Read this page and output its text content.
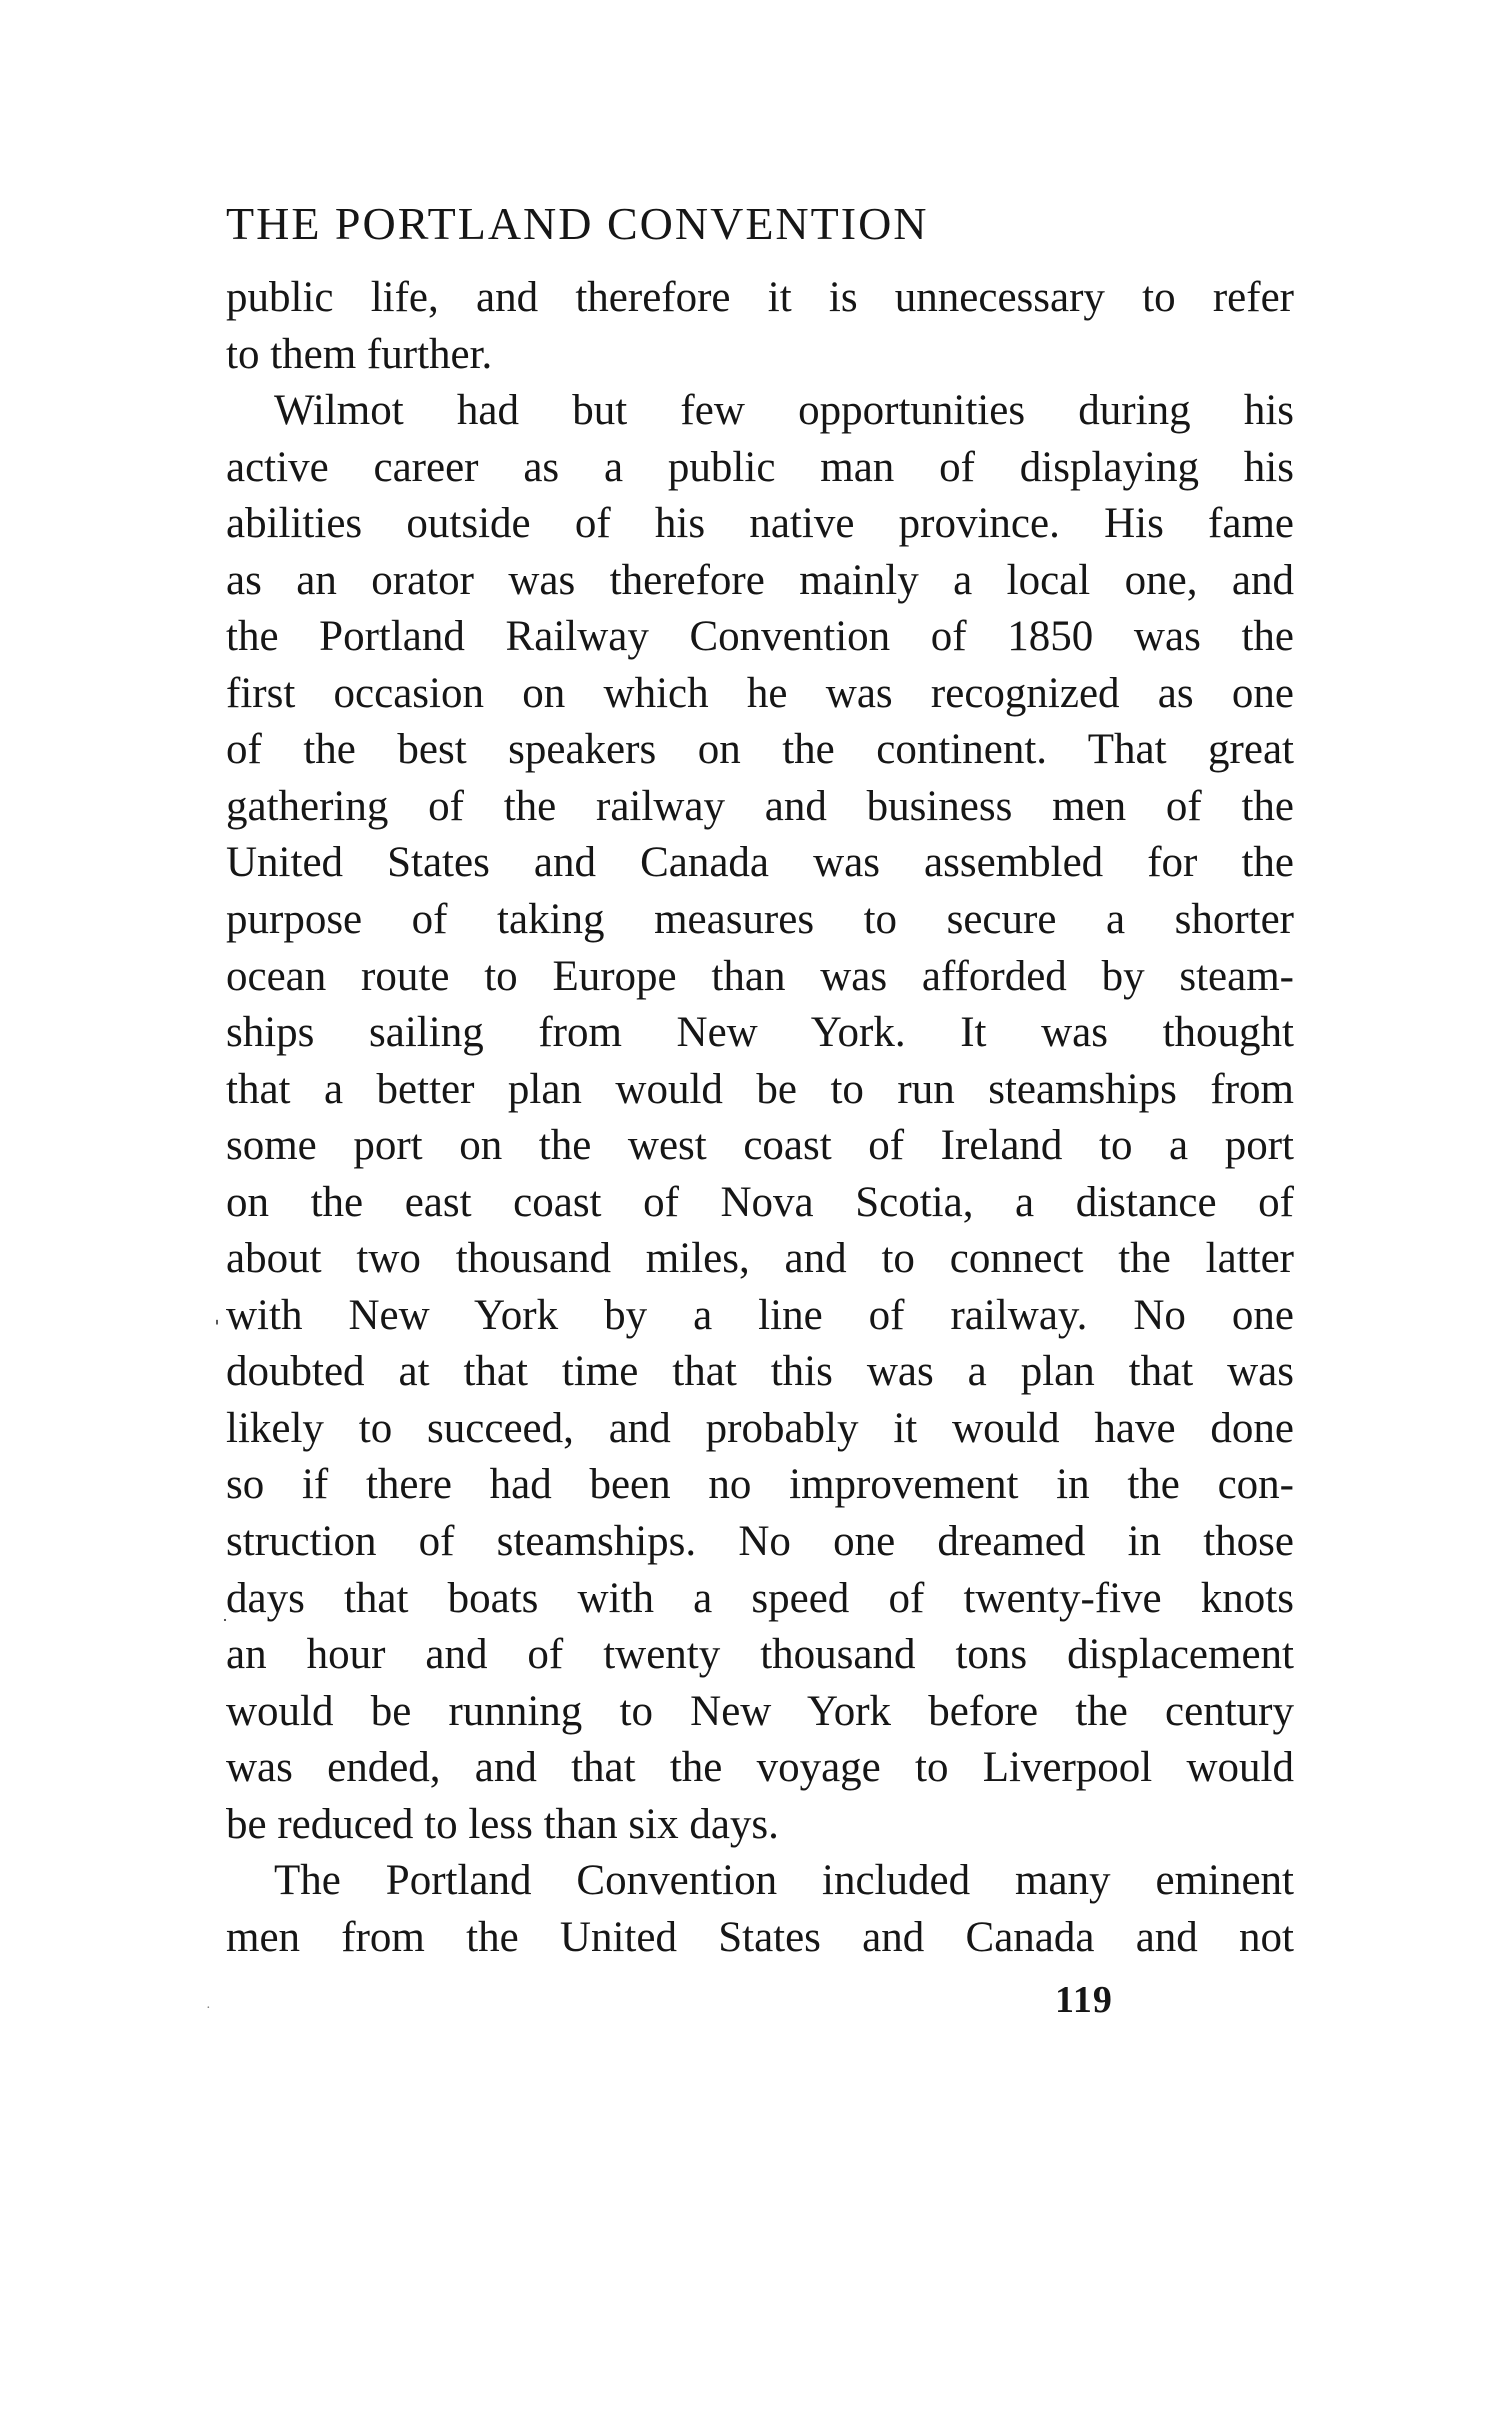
THE PORTLAND CONVENTION
public life, and therefore it is unnecessary to refer
to them further.
Wilmot had but few opportunities during his
active career as a public man of displaying his
abilities outside of his native province. His fame
as an orator was therefore mainly a local one, and
the Portland Railway Convention of 1850 was the
first occasion on which he was recognized as one
of the best speakers on the continent. That great
gathering of the railway and business men of the
United States and Canada was assembled for the
purpose of taking measures to secure a shorter
ocean route to Europe than was afforded by steam-
ships sailing from New York. It was thought
that a better plan would be to run steamships from
some port on the west coast of Ireland to a port
on the east coast of Nova Scotia, a distance of
about two thousand miles, and to connect the latter
with New York by a line of railway. No one
doubted at that time that this was a plan that was
likely to succeed, and probably it would have done
so if there had been no improvement in the con-
struction of steamships. No one dreamed in those
days that boats with a speed of twenty-five knots
an hour and of twenty thousand tons displacement
would be running to New York before the century
was ended, and that the voyage to Liverpool would
be reduced to less than six days.
The Portland Convention included many eminent
men from the United States and Canada and not
ˌ
·
·	119
